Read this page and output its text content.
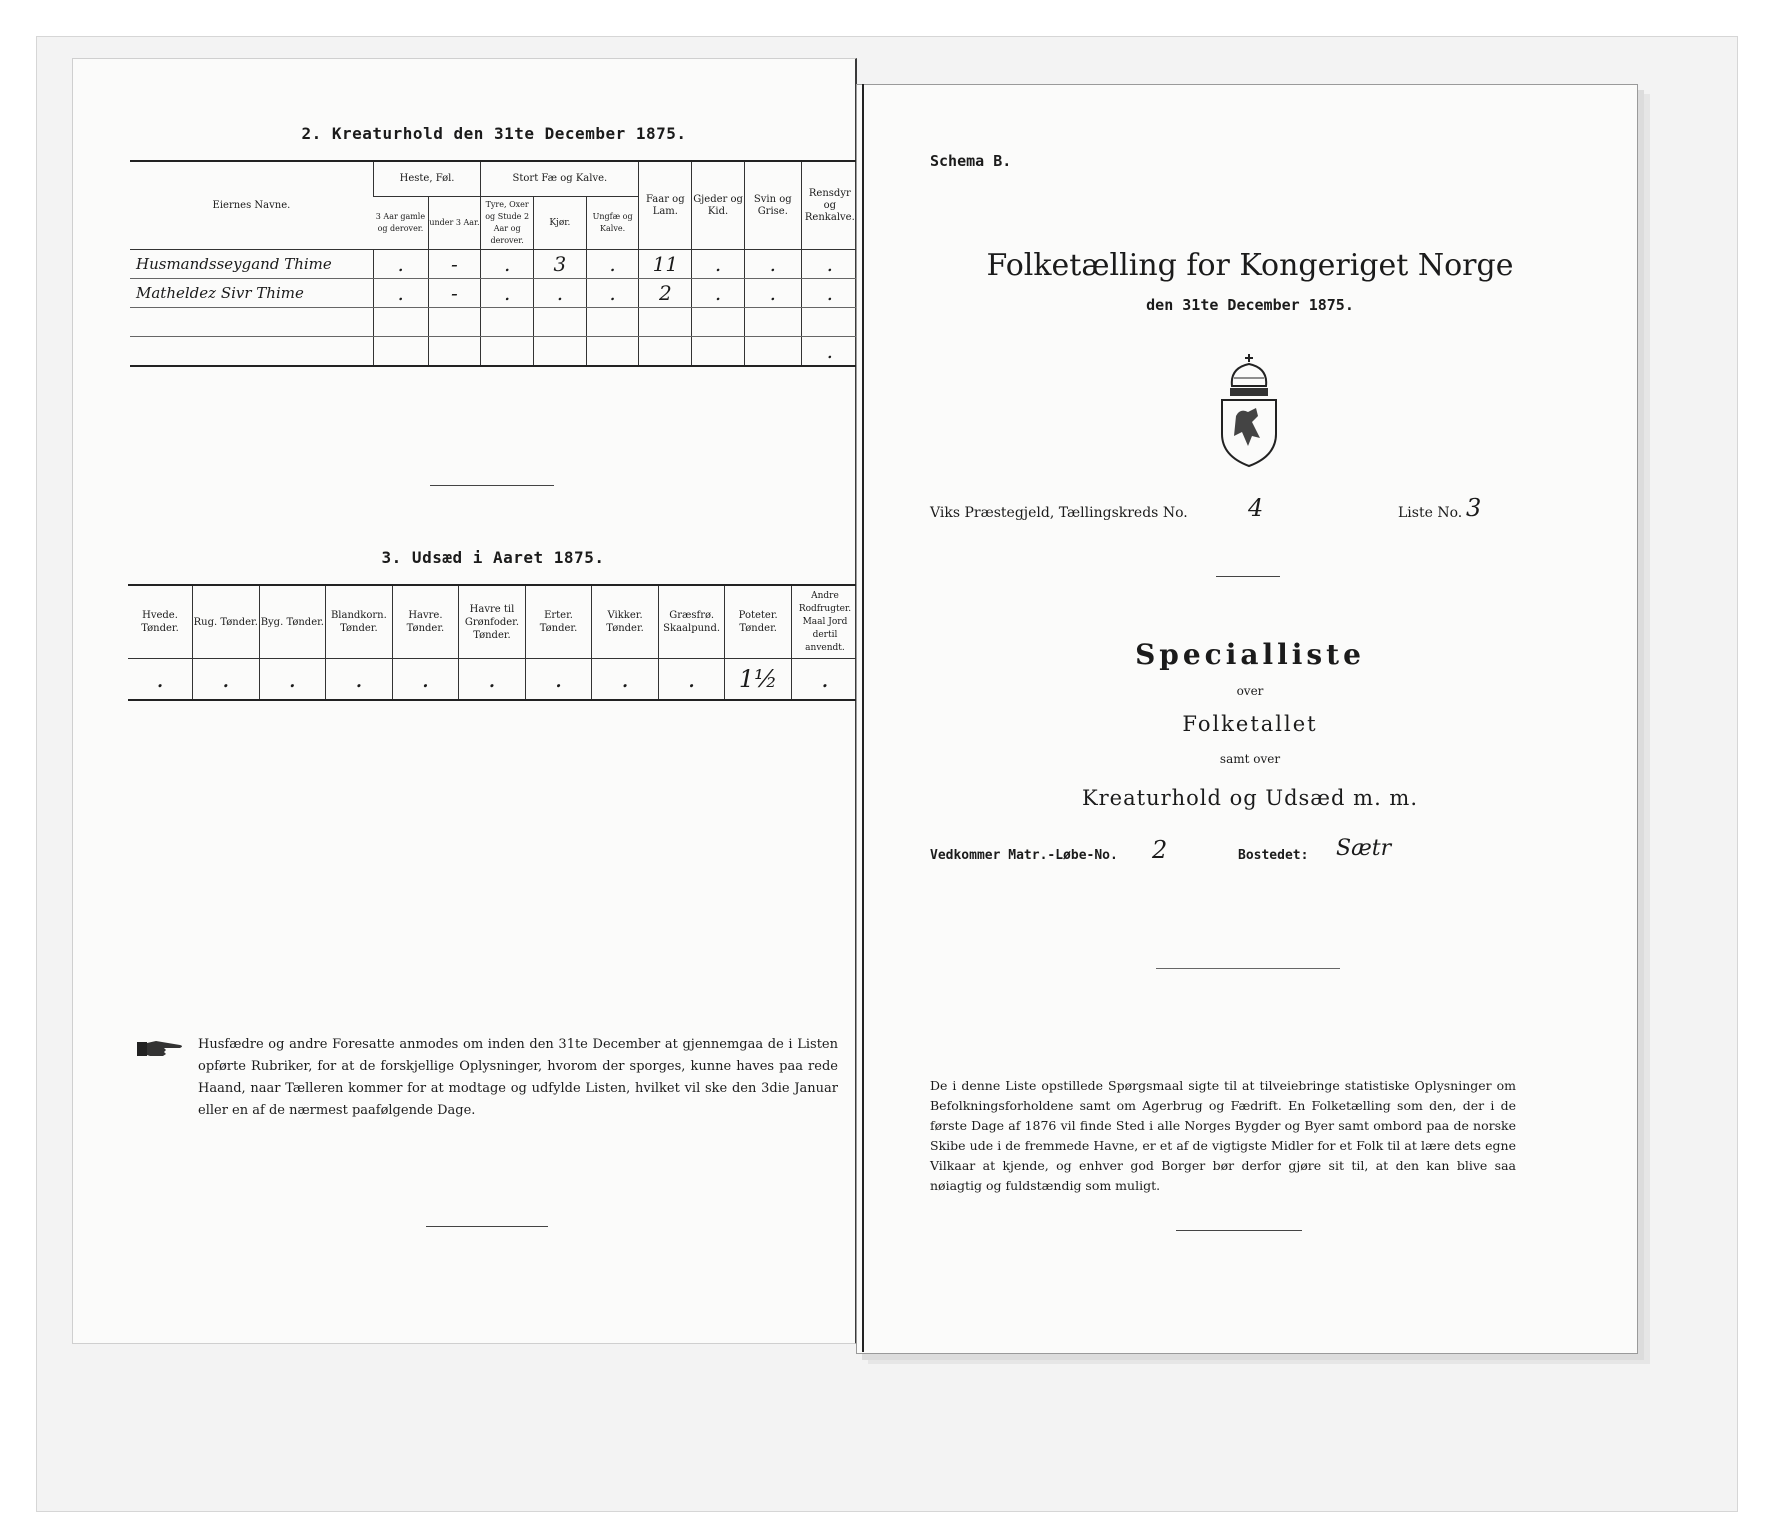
2. Kreaturhold den 31te December 1875.
Eiernes Navne.	Heste, Føl.		Stort Fæ og Kalve.			Faar og Lam.	Gjeder og Kid.	Svin og Grise.	Rensdyr og Renkalve.
	3 Aar gamle og derover.	under 3 Aar.	Tyre, Oxer og Stude 2 Aar og derover.	Kjør.	Ungfæ og Kalve.				
Husmandsseygand Thime	.	-	.	3	.	11	.	.	.
Matheldez Sivr Thime	.	-	.	.	.	2	.	.	.

									.
3. Udsæd i Aaret 1875.
Hvede. Tønder.	Rug. Tønder.	Byg. Tønder.	Blandkorn. Tønder.	Havre. Tønder.	Havre til Grønfoder. Tønder.	Erter. Tønder.	Vikker. Tønder.	Græsfrø. Skaalpund.	Poteter. Tønder.	Andre Rodfrugter. Maal Jord dertil anvendt.
.	.	.	.	.	.	.	.	.	1½	.
Husfædre og andre Foresatte anmodes om inden den 31te December at gjennemgaa de i Listen opførte Rubriker, for at de forskjellige Oplysninger, hvorom der sporges, kunne haves paa rede Haand, naar Tælleren kommer for at modtage og udfylde Listen, hvilket vil ske den 3die Januar eller en af de nærmest paafølgende Dage.
Schema B.
Folketælling for Kongeriget Norge
den 31te December 1875.
Viks Præstegjeld, Tællingskreds No.	4	Liste No. 3
Specialliste
over
Folketallet
samt over
Kreaturhold og Udsæd m. m.
Vedkommer Matr.-Løbe-No. 2	Bostedet: Sætr
De i denne Liste opstillede Spørgsmaal sigte til at tilveiebringe statistiske Oplysninger om Befolkningsforholdene samt om Agerbrug og Fædrift. En Folketælling som den, der i de første Dage af 1876 vil finde Sted i alle Norges Bygder og Byer samt ombord paa de norske Skibe ude i de fremmede Havne, er et af de vigtigste Midler for et Folk til at lære dets egne Vilkaar at kjende, og enhver god Borger bør derfor gjøre sit til, at den kan blive saa nøiagtig og fuldstændig som muligt.
